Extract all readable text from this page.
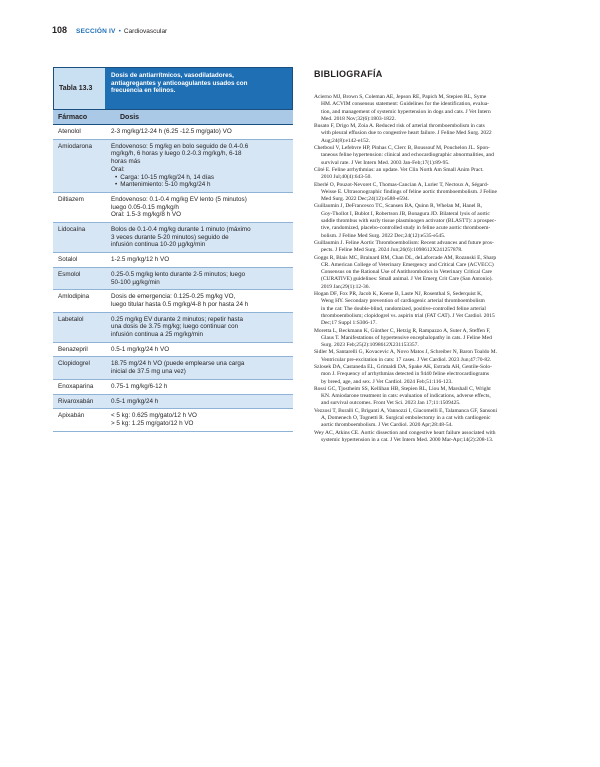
108 SECCIÓN IV • Cardiovascular
Tabla 13.3
Dosis de antiarrítmicos, vasodilatadores,
antiagregantes y anticoagulantes usados con
frecuencia en felinos.
Fármaco	Dosis
Atenolol	2-3 mg/kg/12-24 h (6.25 -12.5 mg/gato) VO
Amiodarona	Endovenoso: 5 mg/kg en bolo seguido de 0.4-0.6
mg/kg/h, 6 horas y luego 0.2-0.3 mg/kg/h, 6-18
horas más
Oral:
• Carga: 10-15 mg/kg/24 h, 14 días
• Mantenimiento: 5-10 mg/kg/24 h
Diltiazem	Endovenoso: 0.1-0.4 mg/kg EV lento (5 minutos)
luego 0.05-0.15 mg/kg/h
Oral: 1.5-3 mg/kg/8 h VO
Lidocaína	Bolos de 0.1-0.4 mg/kg durante 1 minuto (máximo
3 veces durante 5-20 minutos) seguido de
infusión continua 10-20 µg/kg/min
Sotalol	1-2.5 mg/kg/12 h VO
Esmolol	0.25-0.5 mg/kg lento durante 2-5 minutos; luego
50-100 µg/kg/min
Amlodipina	Dosis de emergencia: 0.125-0.25 mg/kg VO,
luego titular hasta 0.5 mg/kg/4-8 h por hasta 24 h
Labetalol	0.25 mg/kg EV durante 2 minutos; repetir hasta
una dosis de 3.75 mg/kg; luego continuar con
infusión continua a 25 mg/kg/min
Benazepril	0.5-1 mg/kg/24 h VO
Clopidogrel	18.75 mg/24 h VO (puede emplearse una carga
inicial de 37.5 mg una vez)
Enoxaparina	0.75-1 mg/kg/6-12 h
Rivaroxabán	0.5-1 mg/kg/24 h
Apixabán	< 5 kg: 0.625 mg/gato/12 h VO
> 5 kg: 1.25 mg/gato/12 h VO
BIBLIOGRAFÍA
Acierno MJ, Brown S, Coleman AE, Jepson RE, Papich M, Stepien RL, Syme
HM. ACVIM consensus statement: Guidelines for the identification, evalua-
tion, and management of systemic hypertension in dogs and cats. J Vet Intern
Med. 2018 Nov;32(6):1803-1822.
Busato F, Drigo M, Zoia A. Reduced risk of arterial thromboembolism in cats
with pleural effusion due to congestive heart failure. J Feline Med Surg. 2022
Aug;24(8):e142-e152.
Chetboul V, Lefebvre HP, Pinhas C, Clerc B, Boussouf M, Pouchelon JL. Spon-
taneous feline hypertension: clinical and echocardiographic abnormalities, and
survival rate. J Vet Intern Med. 2003 Jan-Feb;17(1):89-95.
Côté E. Feline arrhythmias: an update. Vet Clin North Am Small Anim Pract.
2010 Jul;40(4):643-50.
Eberlé O, Pouzot-Nevoret C, Thomas-Cancian A, Lurier T, Nectoux A, Ségard-
Weisse E. Ultrasonographic findings of feline aortic thromboembolism. J Feline
Med Surg. 2022 Dec;24(12):e588-e594.
Guillaumin J, DeFrancesco TC, Scansen BA, Quinn R, Whelan M, Hanel R,
Goy-Thollot I, Bublot I, Robertson JB, Bonagura JD. Bilateral lysis of aortic
saddle thrombus with early tissue plasminogen activator (BLASTT): a prospec-
tive, randomized, placebo-controlled study in feline acute aortic thromboem-
bolism. J Feline Med Surg. 2022 Dec;24(12):e535-e545.
Guillaumin J. Feline Aortic Thromboembolism: Recent advances and future pros-
pects. J Feline Med Surg. 2024 Jun;26(6):1098612X241257878.
Goggs R, Blais MC, Brainard BM, Chan DL, deLaforcade AM, Rozanski E, Sharp
CR. American College of Veterinary Emergency and Critical Care (ACVECC)
Consensus on the Rational Use of Antithrombotics in Veterinary Critical Care
(CURATIVE) guidelines: Small animal. J Vet Emerg Crit Care (San Antonio).
2019 Jan;29(1):12-36.
Hogan DF, Fox PR, Jacob K, Keene B, Laste NJ, Rosenthal S, Sederquist K,
Weng HY. Secondary prevention of cardiogenic arterial thromboembolism
in the cat: The double-blind, randomized, positive-controlled feline arterial
thromboembolism; clopidogrel vs. aspirin trial (FAT CAT). J Vet Cardiol. 2015
Dec;17 Suppl 1:S306-17.
Moretta L, Beckmann K, Günther C, Hetzig R, Rampazzo A, Suter A, Steffen F,
Glaus T. Manifestations of hypertensive encephalopathy in cats. J Feline Med
Surg. 2023 Feb;25(2):1098612X231153357.
Sidler M, Santarelli G, Kovacevic A, Novo Matos J, Schreiber N, Baron Toaldo M.
Ventricular pre-excitation in cats: 17 cases. J Vet Cardiol. 2023 Jun;47:70-82.
Szlosek DA, Castaneda EL, Grimaldi DA, Spake AK, Estrada AH, Gentile-Solo-
mon J. Frequency of arrhythmias detected in 9440 feline electrocardiograms
by breed, age, and sex. J Vet Cardiol. 2024 Feb;51:116-123.
Rossi GC, Tjostheim SS, Kellihan HB, Stepien RL, Liou M, Marshall C, Wright
KN. Amiodarone treatment in cats: evaluation of indications, adverse effects,
and survival outcomes. Front Vet Sci. 2023 Jan 17;11:1509425.
Vezzosi T, Buralli C, Briganti A, Vannozzi I, Giacomelli E, Talamanca GF, Sansoni
A, Domenech O, Tognetti R. Surgical embolectomy in a cat with cardiogenic
aortic thromboembolism. J Vet Cardiol. 2020 Apr;28:48-54.
Wey AC, Atkins CE. Aortic dissection and congestive heart failure associated with
systemic hypertension in a cat. J Vet Intern Med. 2000 Mar-Apr;14(2):208-13.
